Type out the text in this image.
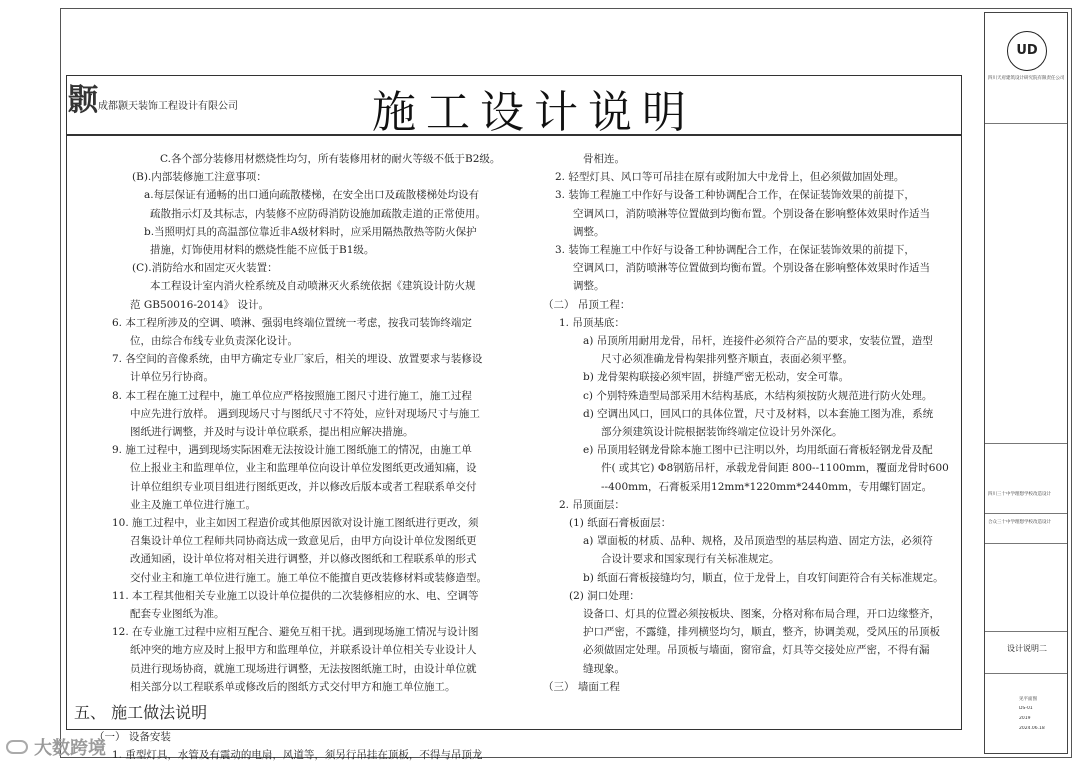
颢 成都颢天装饰工程设计有限公司	施工设计说明

C.各个部分装修用材燃烧性均匀，所有装修用材的耐火等级不低于B2级。

(B).内部装修施工注意事项：

a.每层保证有通畅的出口通向疏散楼梯，在安全出口及疏散楼梯处均设有

疏散指示灯及其标志，内装修不应防碍消防设施加疏散走道的正常使用。

b.当照明灯具的高温部位靠近非A级材料时，应采用隔热散热等防火保护

措施，灯饰使用材料的燃烧性能不应低于B1级。

(C).消防给水和固定灭火装置：

本工程设计室内消火栓系统及自动喷淋灭火系统依据《建筑设计防火规

范 GB50016-2014》 设计。

6. 本工程所涉及的空调、喷淋、强弱电终端位置统一考虑，按我司装饰终端定

位，由综合布线专业负责深化设计。

7. 各空间的音像系统，由甲方确定专业厂家后，相关的埋设、放置要求与装修设

计单位另行协商。

8. 本工程在施工过程中，施工单位应严格按照施工图尺寸进行施工，施工过程

中应先进行放样。 遇到现场尺寸与图纸尺寸不符处，应针对现场尺寸与施工

图纸进行调整，并及时与设计单位联系，提出相应解决措施。

9. 施工过程中，遇到现场实际困难无法按设计施工图纸施工的情况，由施工单

位上报业主和监理单位，业主和监理单位向设计单位发图纸更改通知痛，设

计单位组织专业项目组进行图纸更改，并以修改后版本或者工程联系单交付

业主及施工单位进行施工。

10. 施工过程中，业主如因工程造价或其他原因欲对设计施工图纸进行更改，须

召集设计单位工程师共同协商达成一致意见后，由甲方向设计单位发图纸更

改通知函，设计单位将对相关进行调整，并以修改图纸和工程联系单的形式

交付业主和施工单位进行施工。施工单位不能擅自更改装修材料或装修造型。

11. 本工程其他相关专业施工以设计单位提供的二次装修相应的水、电、空调等

配套专业图纸为准。

12. 在专业施工过程中应相互配合、避免互相干扰。遇到现场施工情况与设计图

纸冲突的地方应及时上报甲方和监理单位，并联系设计单位相关专业设计人

员进行现场协商，就施工现场进行调整，无法按图纸施工时，由设计单位就

相关部分以工程联系单或修改后的图纸方式交付甲方和施工单位施工。

五、 施工做法说明

（一） 设备安装

1. 重型灯具，水管及有震动的电扇，风道等，须另行吊挂在顶板，不得与吊顶龙

骨相连。

2. 轻型灯具、风口等可吊挂在原有或附加大中龙骨上，但必须做加固处理。

3. 装饰工程施工中作好与设备工种协调配合工作，在保证装饰效果的前提下，

空调风口，消防喷淋等位置做到均衡布置。个别设备在影响整体效果时作适当

调整。

3. 装饰工程施工中作好与设备工种协调配合工作，在保证装饰效果的前提下，

空调风口，消防喷淋等位置做到均衡布置。个别设备在影响整体效果时作适当

调整。

（二） 吊顶工程：

1. 吊顶基底：

a) 吊顶所用耐用龙骨，吊杆，连接件必须符合产品的要求，安装位置，造型

尺寸必须准确龙骨构架排列整齐顺直，表面必须平整。

b) 龙骨架构联接必须牢固，拼缝严密无松动，安全可靠。

c) 个别特殊造型局部采用木结构基底，木结构须按防火规范进行防火处理。

d) 空调出风口，回风口的具体位置，尺寸及材料，以本套施工图为准，系统

部分须建筑设计院根据装饰终端定位设计另外深化。

e) 吊顶用轻钢龙骨除本施工图中已注明以外，均用纸面石膏板轻钢龙骨及配

件( 或其它) Φ8钢筋吊杆，承载龙骨间距 800--1100mm，覆面龙骨时600

--400mm，石膏板采用12mm*1220mm*2440mm，专用螺钉固定。

2. 吊顶面层：

(1) 纸面石膏板面层：

a) 罩面板的材质、品种、规格，及吊顶造型的基层构造、固定方法，必须符

合设计要求和国家现行有关标准规定。

b) 纸面石膏板接缝均匀，顺直，位于龙骨上，自攻钉间距符合有关标准规定。

(2) 洞口处理：

设备口、灯具的位置必须按板块、图案，分格对称布局合理，开口边缘整齐，

护口严密，不露缝，排列横竖均匀，顺直，整齐，协调美观，受风压的吊顶板

必须做固定处理。吊顶板与墙面，窗帘盒，灯具等交接处应严密，不得有漏

缝现象。

（三） 墙面工程

UD
四川天府建筑设计研究院有限责任公司
四川三十中学理想学校改造设计
合众三十中学理想学校改造设计
设计说明二
见平面图
DS-01
2019
2024.06.18
大数跨境
